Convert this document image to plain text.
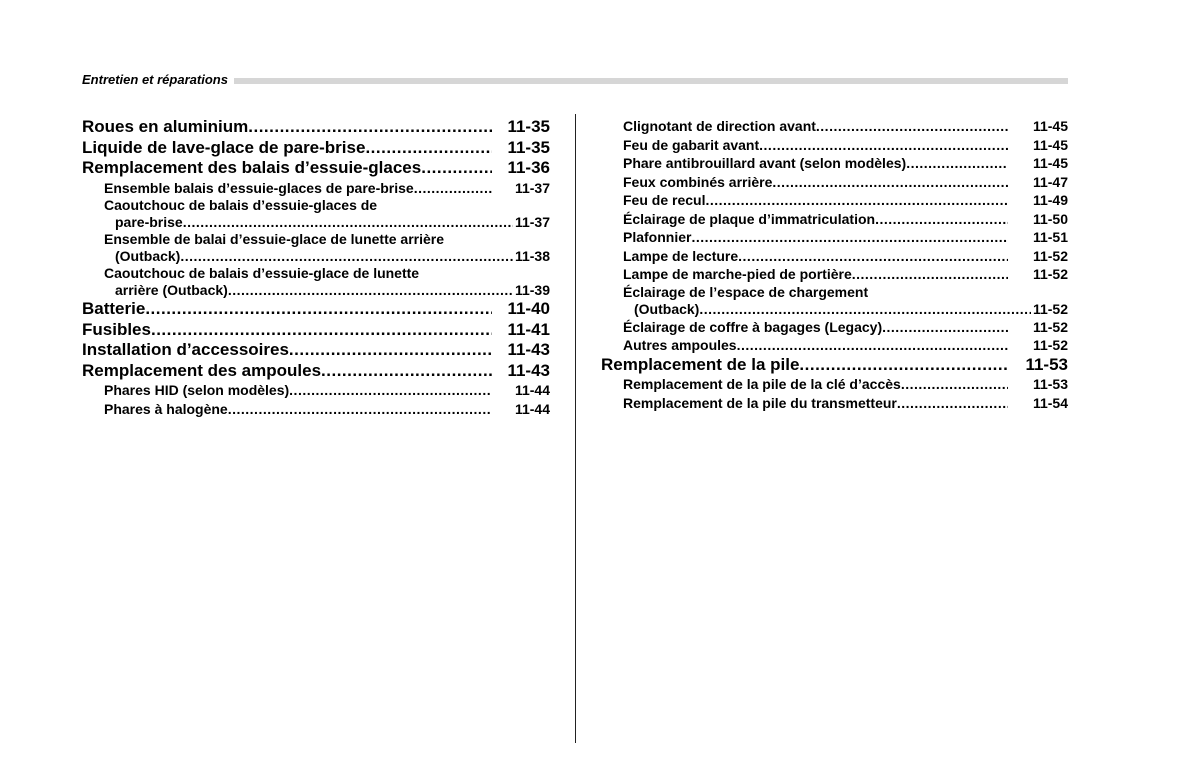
Entretien et réparations
Roues en aluminium .....	11-35
Liquide de lave-glace de pare-brise .....	11-35
Remplacement des balais d’essuie-glaces .....	11-36
Ensemble balais d’essuie-glaces de pare-brise .....	11-37
Caoutchouc de balais d’essuie-glaces de
pare-brise .....	11-37
Ensemble de balai d’essuie-glace de lunette arrière
(Outback) .....	11-38
Caoutchouc de balais d’essuie-glace de lunette
arrière (Outback) .....	11-39
Batterie .....	11-40
Fusibles .....	11-41
Installation d’accessoires .....	11-43
Remplacement des ampoules .....	11-43
Phares HID (selon modèles) .....	11-44
Phares à halogène .....	11-44
Clignotant de direction avant .....	11-45
Feu de gabarit avant .....	11-45
Phare antibrouillard avant (selon modèles) .....	11-45
Feux combinés arrière .....	11-47
Feu de recul .....	11-49
Éclairage de plaque d’immatriculation .....	11-50
Plafonnier .....	11-51
Lampe de lecture .....	11-52
Lampe de marche-pied de portière .....	11-52
Éclairage de l’espace de chargement
(Outback) .....	11-52
Éclairage de coffre à bagages (Legacy) .....	11-52
Autres ampoules .....	11-52
Remplacement de la pile .....	11-53
Remplacement de la pile de la clé d’accès .....	11-53
Remplacement de la pile du transmetteur .....	11-54
